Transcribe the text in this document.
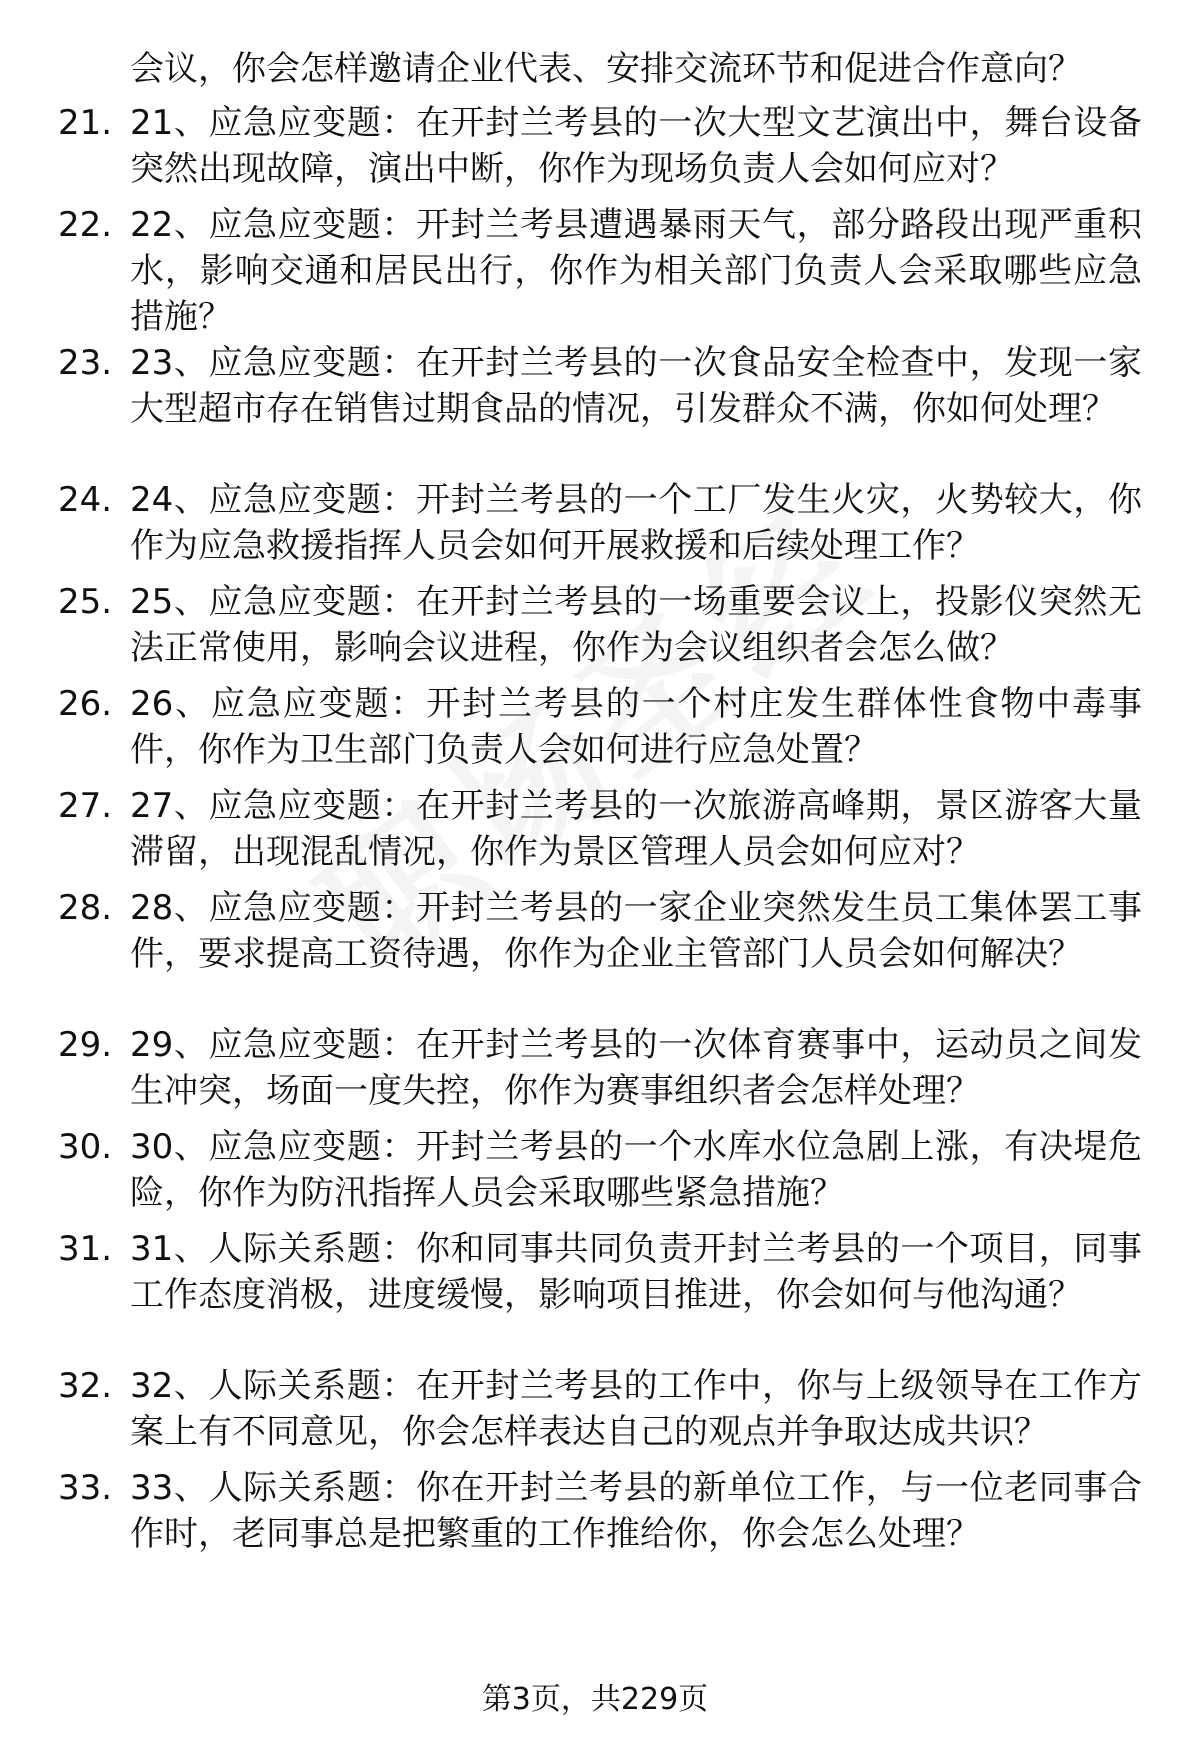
会议，你会怎样邀请企业代表、安排交流环节和促进合作意向？
21. 21、应急应变题：在开封兰考县的一次大型文艺演出中，舞台设备突然出现故障，演出中断，你作为现场负责人会如何应对？
22. 22、应急应变题：开封兰考县遭遇暴雨天气，部分路段出现严重积水，影响交通和居民出行，你作为相关部门负责人会采取哪些应急措施？
23. 23、应急应变题：在开封兰考县的一次食品安全检查中，发现一家大型超市存在销售过期食品的情况，引发群众不满，你如何处理？
24. 24、应急应变题：开封兰考县的一个工厂发生火灾，火势较大，你作为应急救援指挥人员会如何开展救援和后续处理工作？
25. 25、应急应变题：在开封兰考县的一场重要会议上，投影仪突然无法正常使用，影响会议进程，你作为会议组织者会怎么做？
26. 26、应急应变题：开封兰考县的一个村庄发生群体性食物中毒事件，你作为卫生部门负责人会如何进行应急处置？
27. 27、应急应变题：在开封兰考县的一次旅游高峰期，景区游客大量滞留，出现混乱情况，你作为景区管理人员会如何应对？
28. 28、应急应变题：开封兰考县的一家企业突然发生员工集体罢工事件，要求提高工资待遇，你作为企业主管部门人员会如何解决？
29. 29、应急应变题：在开封兰考县的一次体育赛事中，运动员之间发生冲突，场面一度失控，你作为赛事组织者会怎样处理？
30. 30、应急应变题：开封兰考县的一个水库水位急剧上涨，有决堤危险，你作为防汛指挥人员会采取哪些紧急措施？
31. 31、人际关系题：你和同事共同负责开封兰考县的一个项目，同事工作态度消极，进度缓慢，影响项目推进，你会如何与他沟通？
32. 32、人际关系题：在开封兰考县的工作中，你与上级领导在工作方案上有不同意见，你会怎样表达自己的观点并争取达成共识？
33. 33、人际关系题：你在开封兰考县的新单位工作，与一位老同事合作时，老同事总是把繁重的工作推给你，你会怎么处理？
第3页，共229页
